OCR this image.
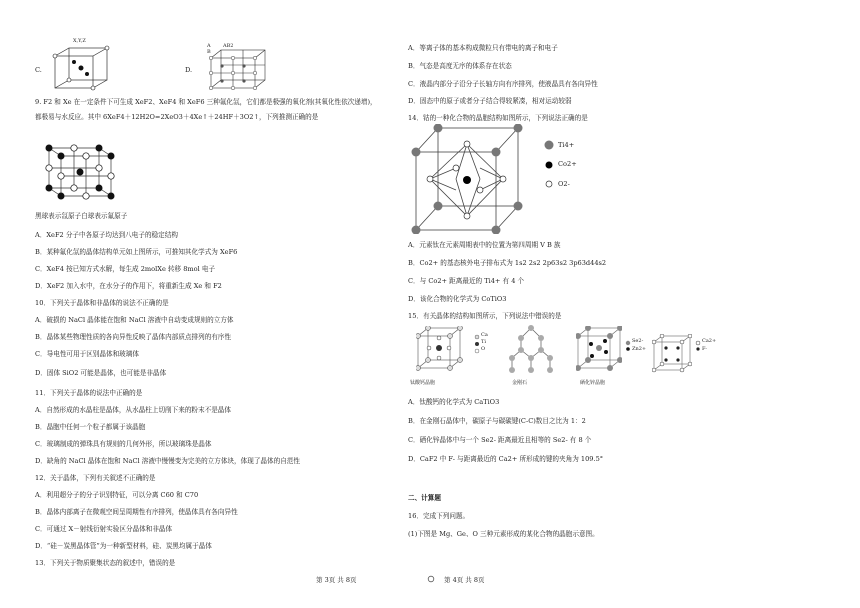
C.
X,Y,Z
D.
A AB2
B
9. F2 和 Xe 在一定条件下可生成 XeF2、XeF4 和 XeF6 三种氟化氙，它们都是极强的氧化剂(其氧化性依次递增)，
都极易与水反应。其中 6XeF4＋12H2O=2XeO3＋4Xe↑＋24HF＋3O2↑，下列推测正确的是
黑球表示氙原子白球表示氟原子
A．XeF2 分子中各原子均达到八电子的稳定结构
B．某种氟化氙的晶体结构单元如上图所示，可推知其化学式为 XeF6
C．XeF4 按已知方式水解，每生成 2molXe 转移 8mol 电子
D．XeF2 加入水中，在水分子的作用下，将重新生成 Xe 和 F2
10．下列关于晶体和非晶体的说法不正确的是
A．破损的 NaCl 晶体能在饱和 NaCl 溶液中自动变成规则的立方体
B．晶体某些物理性质的各向异性反映了晶体内部质点排列的有序性
C．导电性可用于区别晶体和玻璃体
D．固体 SiO2 可能是晶体，也可能是非晶体
11．下列关于晶体的说法中正确的是
A．自然形成的水晶柱是晶体，从水晶柱上切削下来的粉末不是晶体
B．晶胞中任何一个粒子都属于该晶胞
C．玻璃制成的弹珠具有规则的几何外形，所以玻璃珠是晶体
D．缺角的 NaCl 晶体在饱和 NaCl 溶液中慢慢变为完美的立方体块，体现了晶体的自范性
12．关于晶体，下列有关叙述不正确的是
A．利用超分子的分子识别特征，可以分离 C60 和 C70
B．晶体内部离子在微观空间呈周期性有序排列，使晶体具有各向异性
C．可通过 X－射线衍射实验区分晶体和非晶体
D．“硅－炭黑晶体管”为一种新型材料，硅、炭黑均属于晶体
13．下列关于物质聚集状态的叙述中，错误的是
A．等离子体的基本构成微粒只有带电的离子和电子
B．气态是高度无序的体系存在状态
C．液晶内部分子沿分子长轴方向有序排列，使液晶具有各向异性
D．固态中的原子或者分子结合得较紧凑，相对运动较弱
14．钴的一种化合物的晶胞结构如图所示，下列说法正确的是
Ti4+
Co2+
O2-
A．元素钛在元素周期表中的位置为第四周期 V B 族
B．Co2+ 的基态核外电子排布式为 1s2 2s2 2p63s2 3p63d44s2
C．与 Co2+ 距离最近的 Ti4+ 有 4 个
D．该化合物的化学式为 CoTiO3
15．有关晶体的结构如图所示，下列说法中错误的是
Ca
Ti
O
Se2-
Zn2+
Ca2+
F-
钛酸钙晶胞	金刚石	硒化锌晶胞
A．钛酸钙的化学式为 CaTiO3
B．在金刚石晶体中，碳原子与碳碳键(C-C)数目之比为 1：2
C．硒化锌晶体中与一个 Se2- 距离最近且相等的 Se2- 有 8 个
D．CaF2 中 F- 与距离最近的 Ca2+ 所形成的键的夹角为 109.5°
二、计算题
16．完成下列问题。
(1)下图是 Mg、Ge、O 三种元素形成的某化合物的晶胞示意图。
第 3页 共 8页	第 4页 共 8页
